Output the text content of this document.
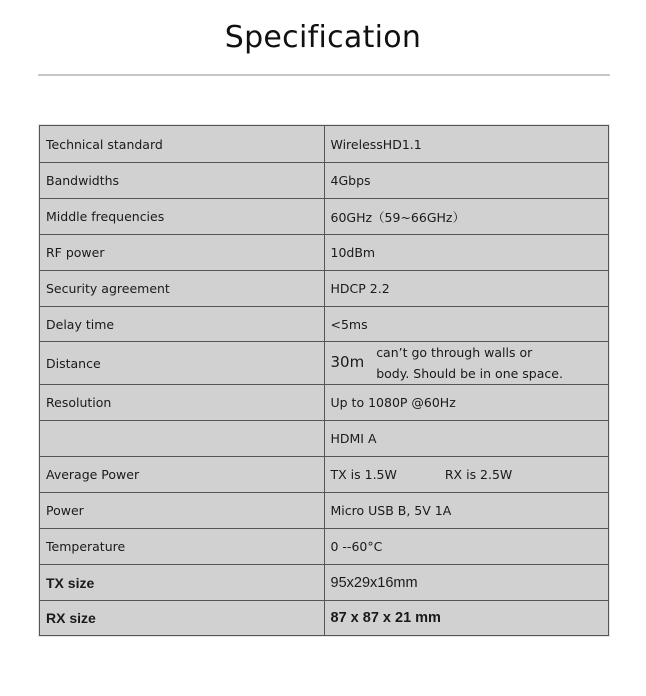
Specification
Technical standard	WirelessHD1.1
Bandwidths	4Gbps
Middle frequencies	60GHz（59~66GHz）
RF power	10dBm
Security agreement	HDCP 2.2
Delay time	<5ms
Distance	30m can’t go through walls or
body. Should be in one space.
Resolution	Up to 1080P @60Hz
	HDMI A
Average Power	TX is 1.5W RX is 2.5W
Power	Micro USB B, 5V 1A
Temperature	0 --60°C
TX size	95x29x16mm
RX size	87 x 87 x 21 mm
